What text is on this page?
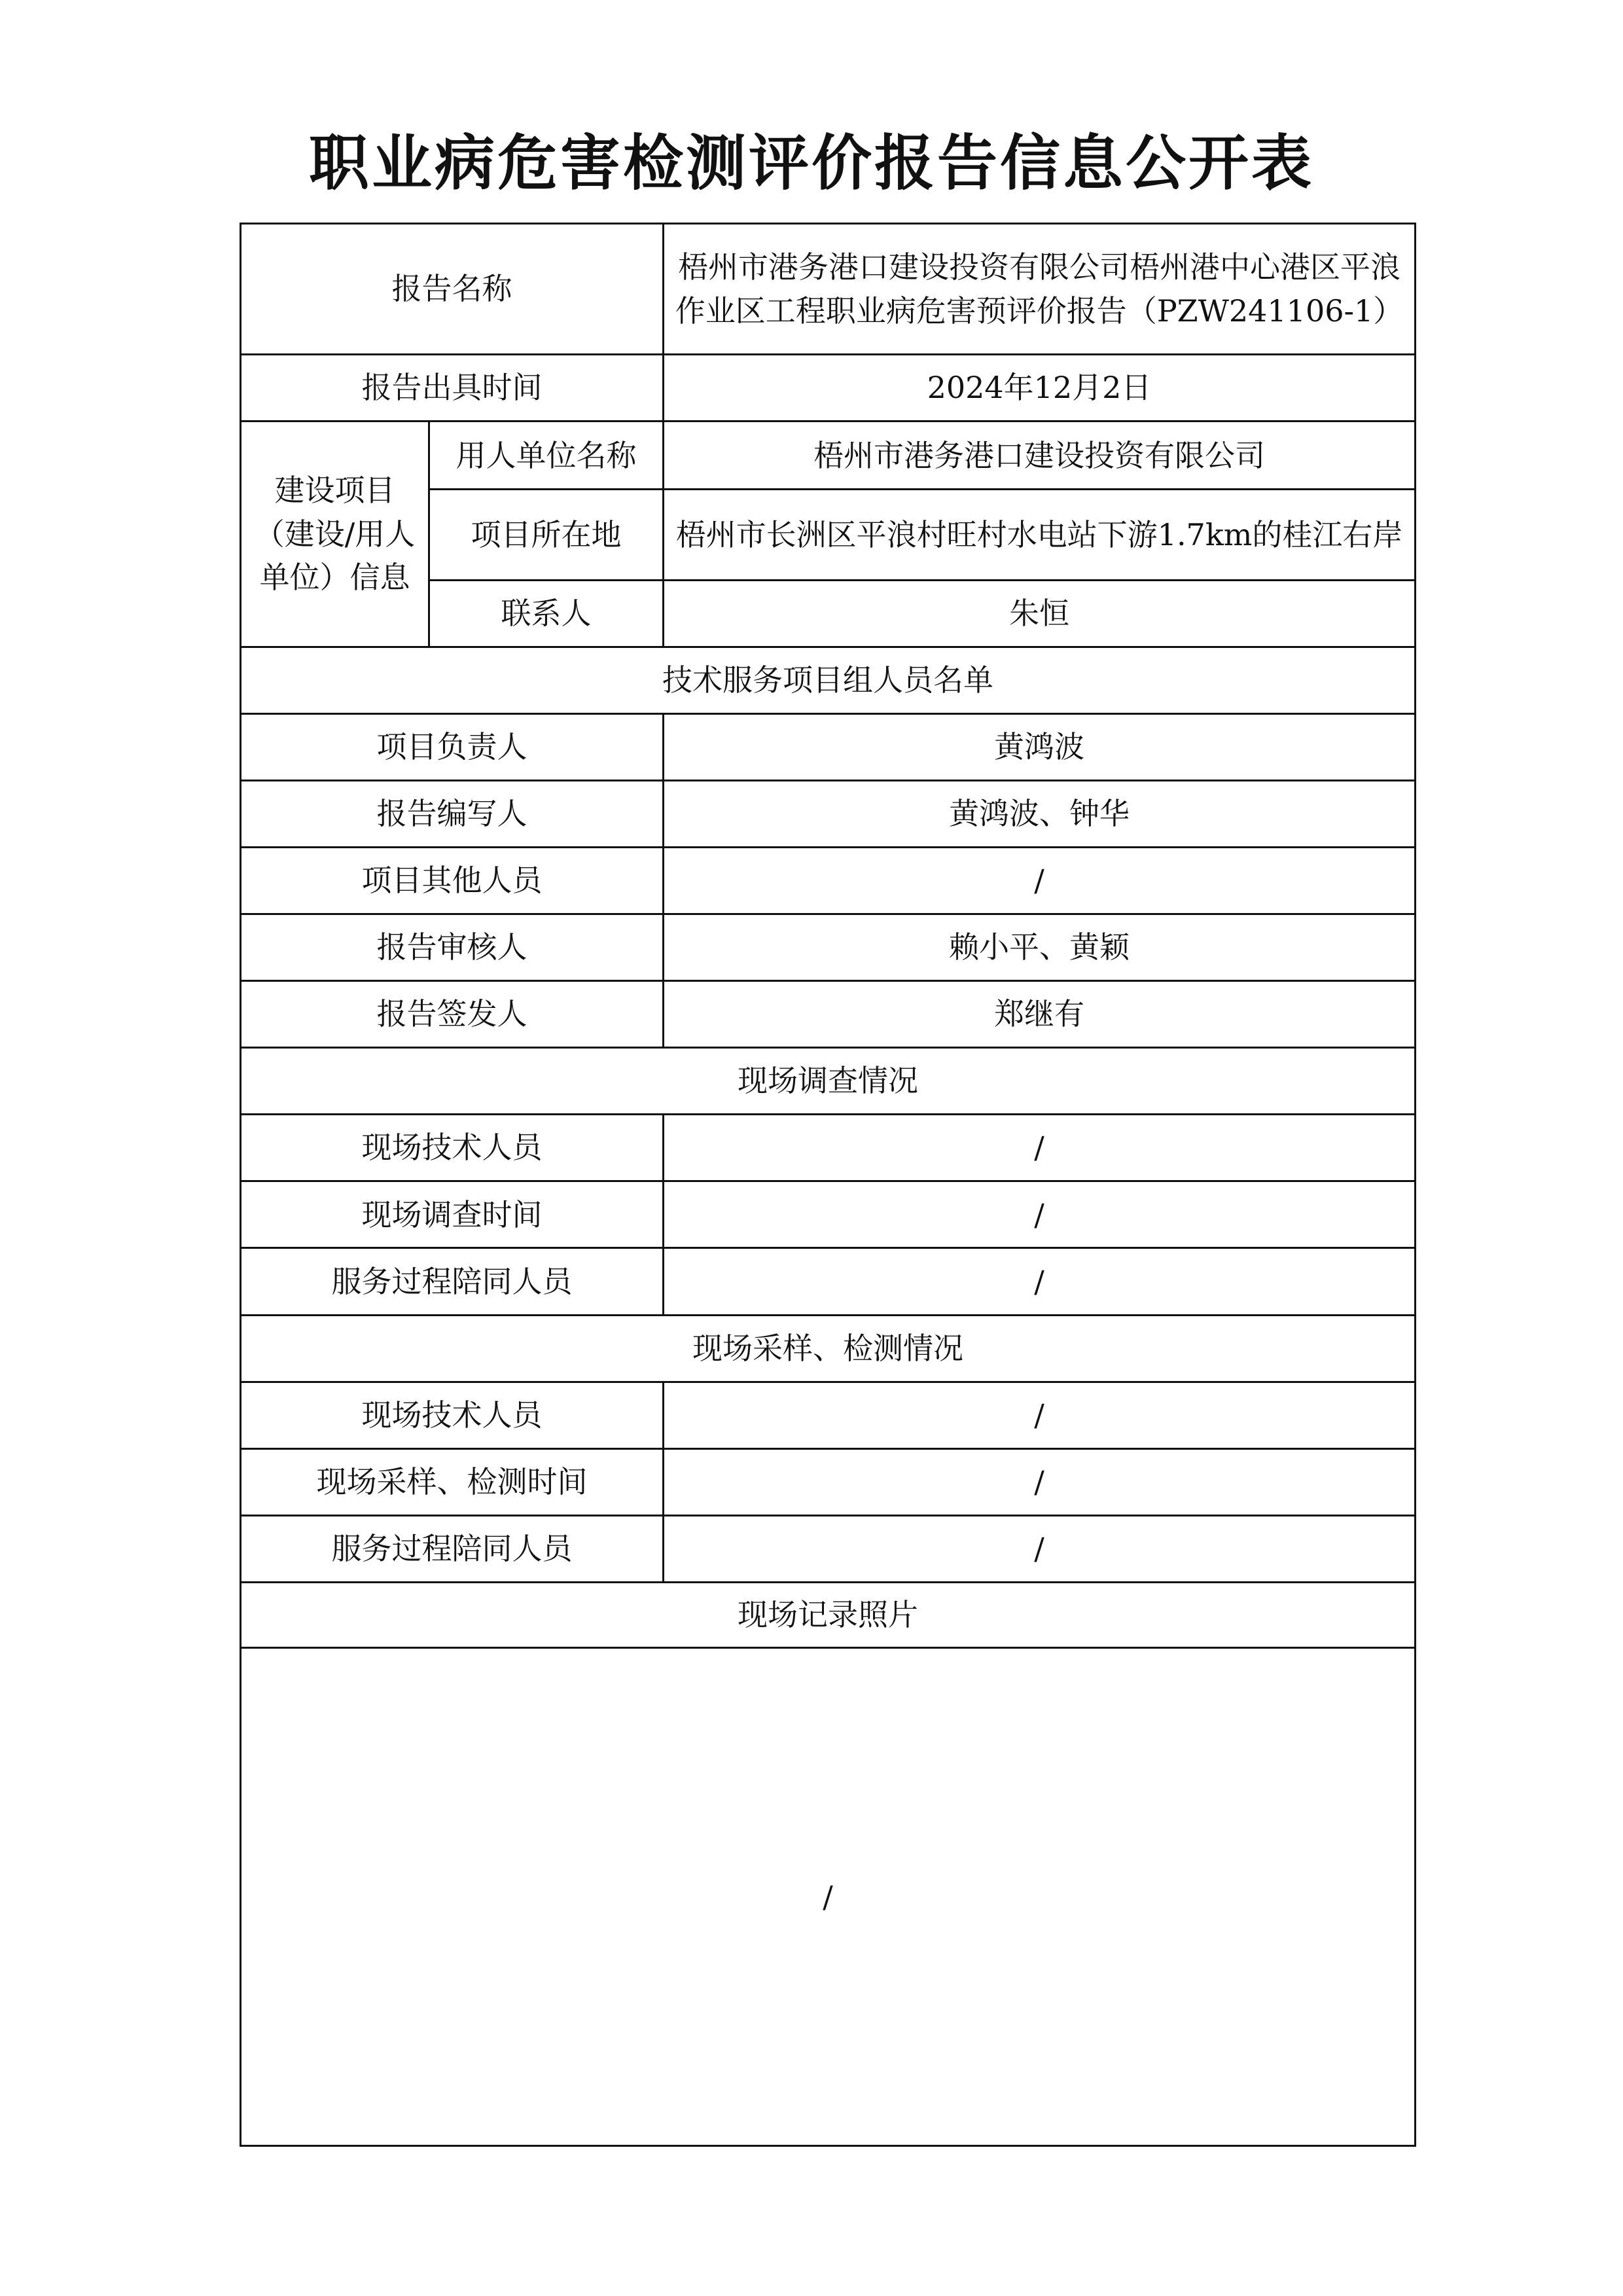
职业病危害检测评价报告信息公开表
报告名称		梧州市港务港口建设投资有限公司梧州港中心港区平浪作业区工程职业病危害预评价报告（PZW241106-1）
报告出具时间		2024年12月2日
建设项目（建设/用人单位）信息	用人单位名称	梧州市港务港口建设投资有限公司
	项目所在地	梧州市长洲区平浪村旺村水电站下游1.7km的桂江右岸
	联系人	朱恒
技术服务项目组人员名单		
项目负责人		黄鸿波
报告编写人		黄鸿波、钟华
项目其他人员		/
报告审核人		赖小平、黄颖
报告签发人		郑继有
现场调查情况		
现场技术人员		/
现场调查时间		/
服务过程陪同人员		/
现场采样、检测情况		
现场技术人员		/
现场采样、检测时间		/
服务过程陪同人员		/
现场记录照片		
/		
